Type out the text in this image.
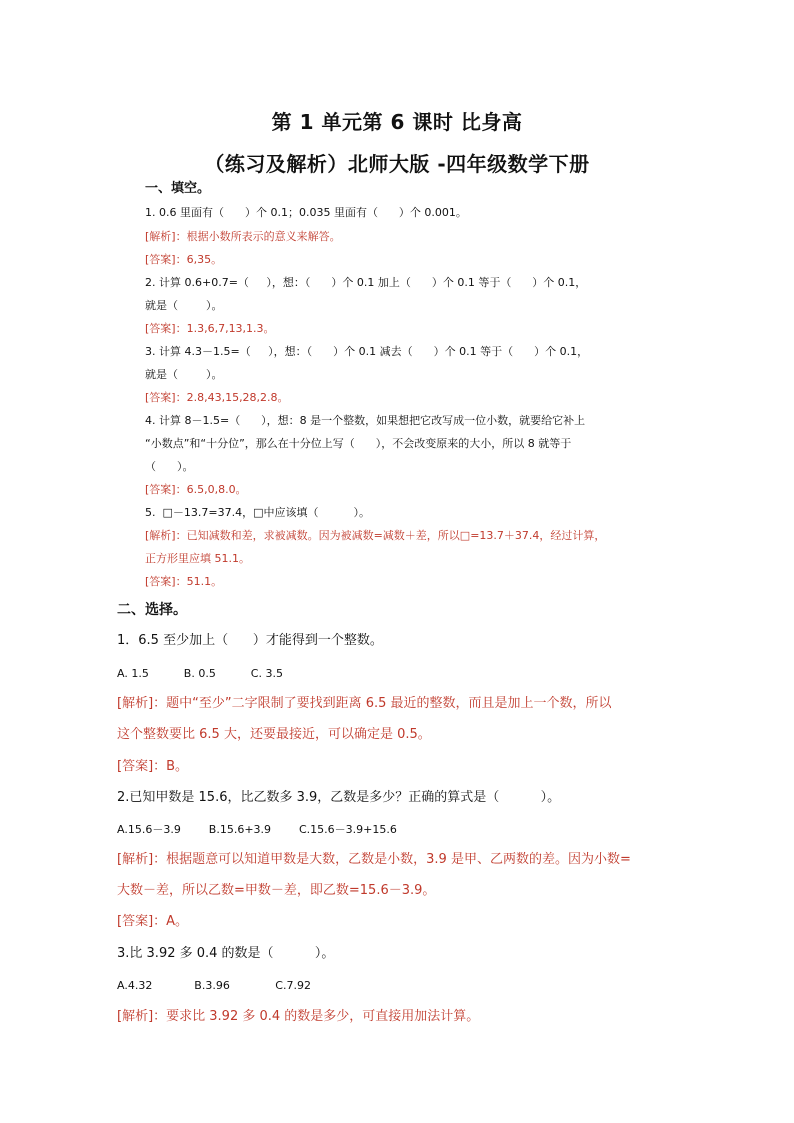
第 1 单元第 6 课时 比身高
（练习及解析）北师大版 -四年级数学下册
一、填空。
1. 0.6 里面有（      ）个 0.1；0.035 里面有（      ）个 0.001。
[解析]：根据小数所表示的意义来解答。
[答案]：6,35。
2. 计算 0.6+0.7=（     ），想：（      ）个 0.1 加上（      ）个 0.1 等于（      ）个 0.1，
就是（        ）。
[答案]：1.3,6,7,13,1.3。
3. 计算 4.3－1.5=（     ），想：（      ）个 0.1 减去（      ）个 0.1 等于（      ）个 0.1，
就是（        ）。
[答案]：2.8,43,15,28,2.8。
4. 计算 8－1.5=（      ），想：8 是一个整数，如果想把它改写成一位小数，就要给它补上
“小数点”和“十分位”，那么在十分位上写（      ），不会改变原来的大小，所以 8 就等于
（      ）。
[答案]：6.5,0,8.0。
5.  □－13.7=37.4，□中应该填（          ）。
[解析]：已知减数和差，求被减数。因为被减数=减数＋差，所以□=13.7＋37.4，经过计算，
正方形里应填 51.1。
[答案]：51.1。
二、选择。
1．6.5 至少加上（      ）才能得到一个整数。
A. 1.5          B. 0.5          C. 3.5
[解析]：题中“至少”二字限制了要找到距离 6.5 最近的整数，而且是加上一个数，所以
这个整数要比 6.5 大，还要最接近，可以确定是 0.5。
[答案]：B。
2.已知甲数是 15.6，比乙数多 3.9，乙数是多少？正确的算式是（          ）。
A.15.6－3.9        B.15.6+3.9        C.15.6－3.9+15.6
[解析]：根据题意可以知道甲数是大数，乙数是小数，3.9 是甲、乙两数的差。因为小数=
大数－差，所以乙数=甲数－差，即乙数=15.6－3.9。
[答案]：A。
3.比 3.92 多 0.4 的数是（          ）。
A.4.32            B.3.96             C.7.92
[解析]：要求比 3.92 多 0.4 的数是多少，可直接用加法计算。
